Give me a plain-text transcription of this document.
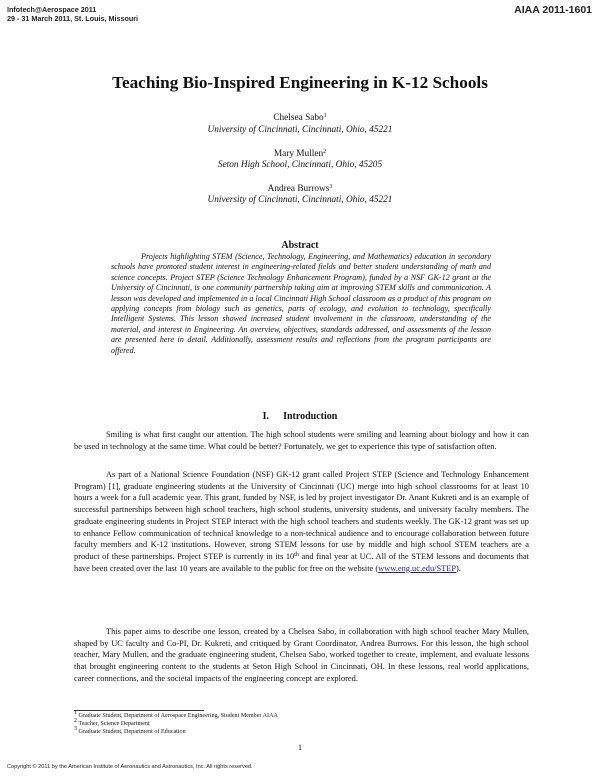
Infotech@Aerospace 2011
29 - 31 March 2011, St. Louis, Missouri
AIAA 2011-1601
Teaching Bio-Inspired Engineering in K-12 Schools
Chelsea Sabo$^1$
University of Cincinnati, Cincinnati, Ohio, 45221
Mary Mullen$^2$
Seton High School, Cincinnati, Ohio, 45205
Andrea Burrows$^3$
University of Cincinnati, Cincinnati, Ohio, 45221
Abstract

Projects highlighting STEM (Science, Technology, Engineering, and Mathematics) education in secondary schools have promoted student interest in engineering-related fields and better student understanding of math and science concepts. Project STEP (Science Technology Enhancement Program), funded by a NSF GK-12 grant at the University of Cincinnati, is one community partnership taking aim at improving STEM skills and communication. A lesson was developed and implemented in a local Cincinnati High School classroom as a product of this program on applying concepts from biology such as genetics, parts of ecology, and evolution to technology, specifically Intelligent Systems. This lesson showed increased student involvement in the classroom, understanding of the material, and interest in Engineering. An overview, objectives, standards addressed, and assessments of the lesson are presented here in detail. Additionally, assessment results and reflections from the program participants are offered.

I. Introduction

Smiling is what first caught our attention. The high school students were smiling and learning about biology and how it can be used in technology at the same time. What could be better? Fortunately, we get to experience this type of satisfaction often.

As part of a National Science Foundation (NSF) GK-12 grant called Project STEP (Science and Technology Enhancement Program) [1], graduate engineering students at the University of Cincinnati (UC) merge into high school classrooms for at least 10 hours a week for a full academic year. This grant, funded by NSF, is led by project investigator Dr. Anant Kukreti and is an example of successful partnerships between high school teachers, high school students, university students, and university faculty members. The graduate engineering students in Project STEP interact with the high school teachers and students weekly. The GK-12 grant was set up to enhance Fellow communication of technical knowledge to a non-technical audience and to encourage collaboration between future faculty members and K-12 institutions. However, strong STEM lessons for use by middle and high school STEM teachers are a product of these partnerships. Project STEP is currently in its 10th and final year at UC. All of the STEM lessons and documents that have been created over the last 10 years are available to the public for free on the website (www.eng.uc.edu/STEP).

This paper aims to describe one lesson, created by a Chelsea Sabo, in collaboration with high school teacher Mary Mullen, shaped by UC faculty and Co-PI, Dr. Kukreti, and critiqued by Grant Coordinator, Andrea Burrows. For this lesson, the high school teacher, Mary Mullen, and the graduate engineering student, Chelsea Sabo, worked together to create, implement, and evaluate lessons that brought engineering content to the students at Seton High School in Cincinnati, OH. In these lessons, real world applications, career connections, and the societal impacts of the engineering concept are explored.

$^1$ Graduate Student, Department of Aerospace Engineering, Student Member AIAA
$^2$ Teacher, Science Department
$^3$ Graduate Student, Department of Education
1
Copyright © 2011 by the American Institute of Aeronautics and Astronautics, Inc. All rights reserved.
